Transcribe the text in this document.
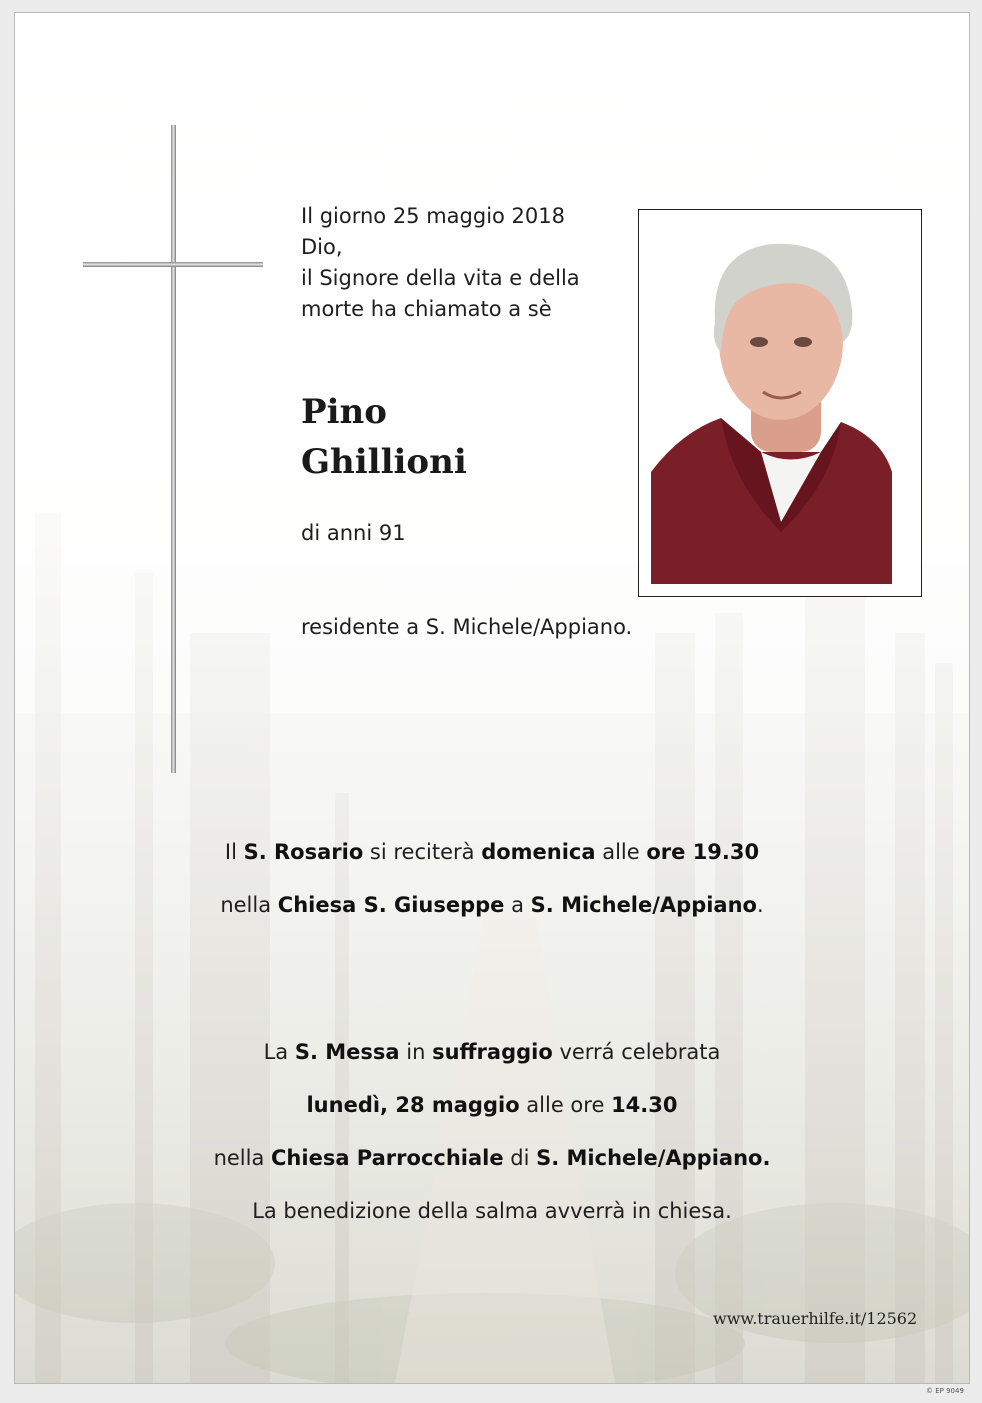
Il giorno 25 maggio 2018
Dio,
il Signore della vita e della
morte ha chiamato a sè
Pino
Ghillioni
di anni 91
residente a S. Michele/Appiano.
Il S. Rosario si reciterà domenica alle ore 19.30
nella Chiesa S. Giuseppe a S. Michele/Appiano.
La S. Messa in suffraggio verrá celebrata
lunedì, 28 maggio alle ore 14.30
nella Chiesa Parrocchiale di S. Michele/Appiano.
La benedizione della salma avverrà in chiesa.
www.trauerhilfe.it/12562
© EP 9049
